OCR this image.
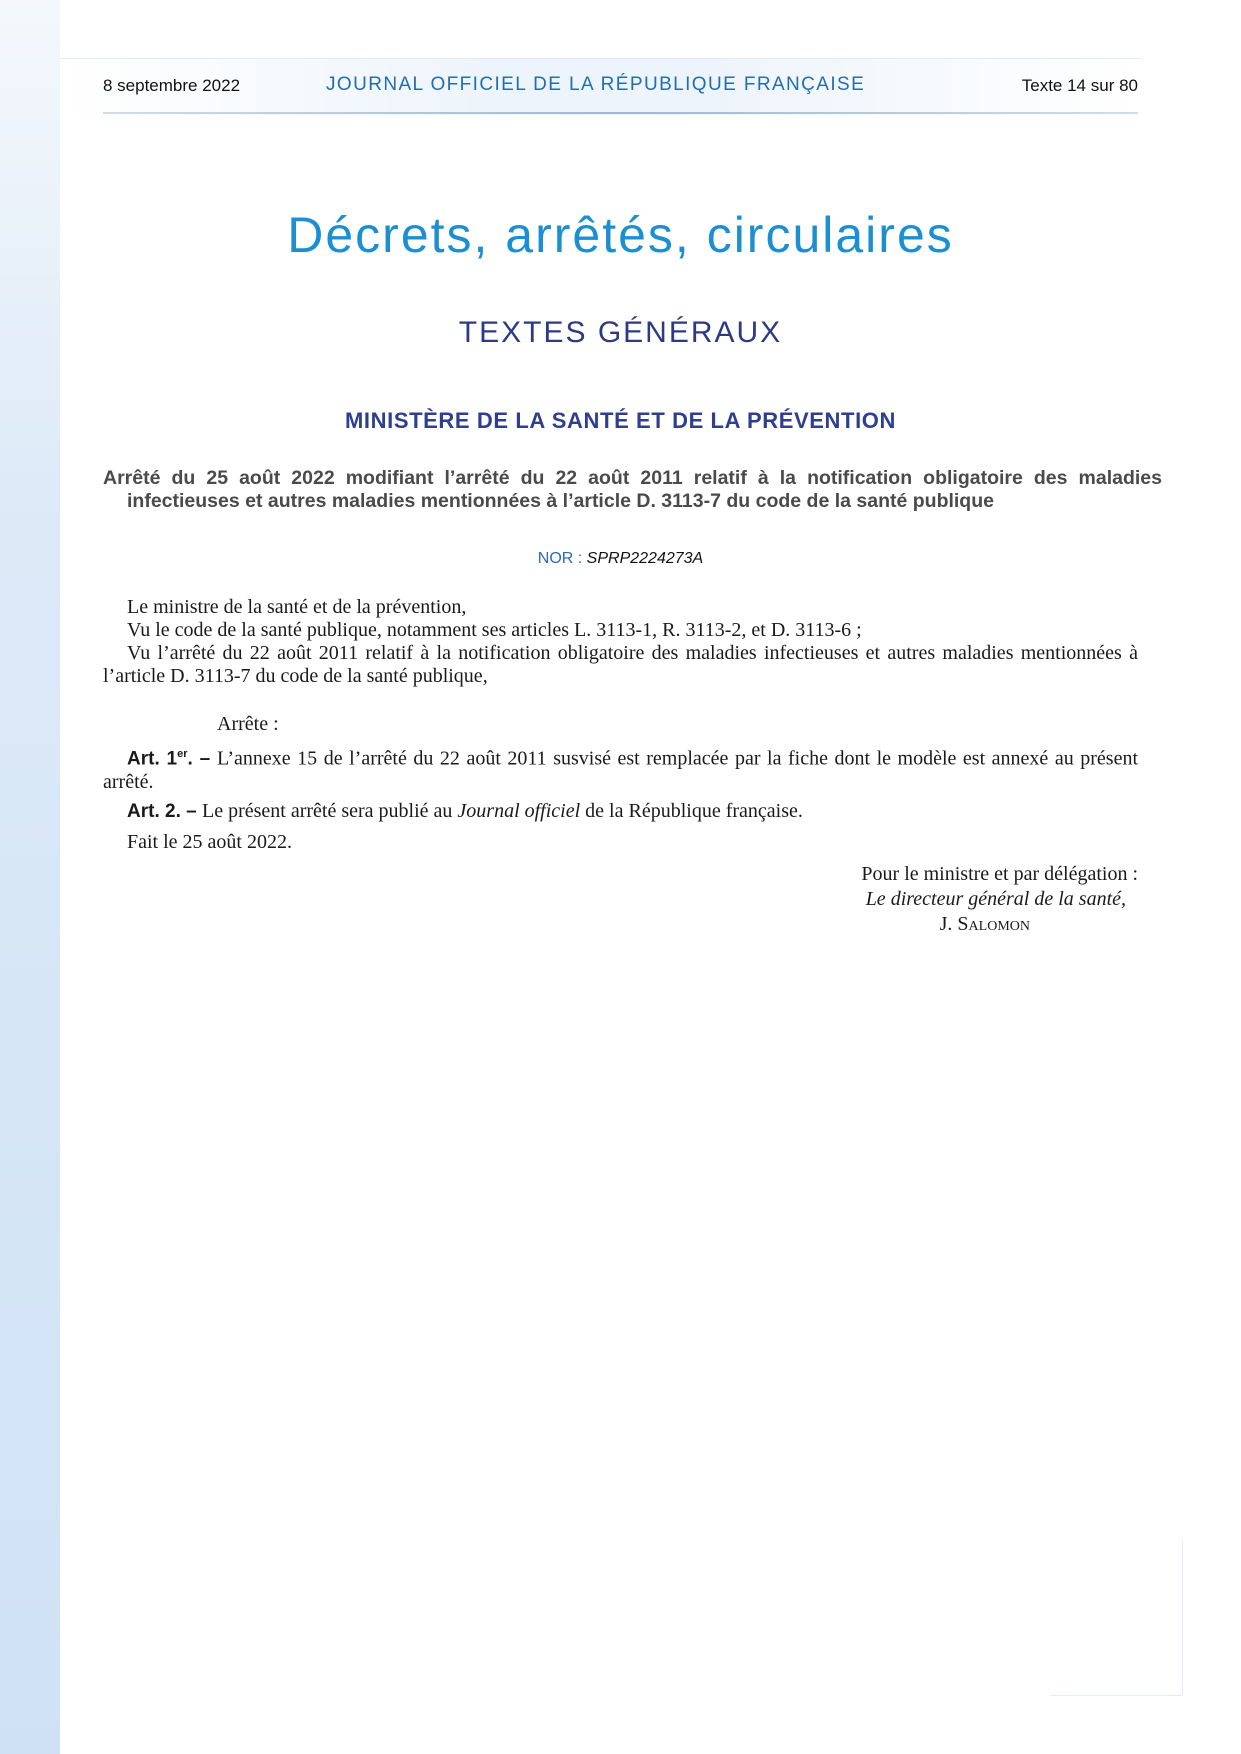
8 septembre 2022	JOURNAL OFFICIEL DE LA RÉPUBLIQUE FRANÇAISE	Texte 14 sur 80
Décrets, arrêtés, circulaires
TEXTES GÉNÉRAUX
MINISTÈRE DE LA SANTÉ ET DE LA PRÉVENTION
Arrêté du 25 août 2022 modifiant l’arrêté du 22 août 2011 relatif à la notification obligatoire des maladies infectieuses et autres maladies mentionnées à l’article D. 3113-7 du code de la santé publique
NOR : SPRP2224273A

Le ministre de la santé et de la prévention,

Vu le code de la santé publique, notamment ses articles L. 3113-1, R. 3113-2, et D. 3113-6 ;

Vu l’arrêté du 22 août 2011 relatif à la notification obligatoire des maladies infectieuses et autres maladies mentionnées à l’article D. 3113-7 du code de la santé publique,

Arrête :

Art. 1er. – L’annexe 15 de l’arrêté du 22 août 2011 susvisé est remplacée par la fiche dont le modèle est annexé au présent arrêté.

Art. 2. – Le présent arrêté sera publié au Journal officiel de la République française.

Fait le 25 août 2022.

Pour le ministre et par délégation :
Le directeur général de la santé,
J. Salomon
